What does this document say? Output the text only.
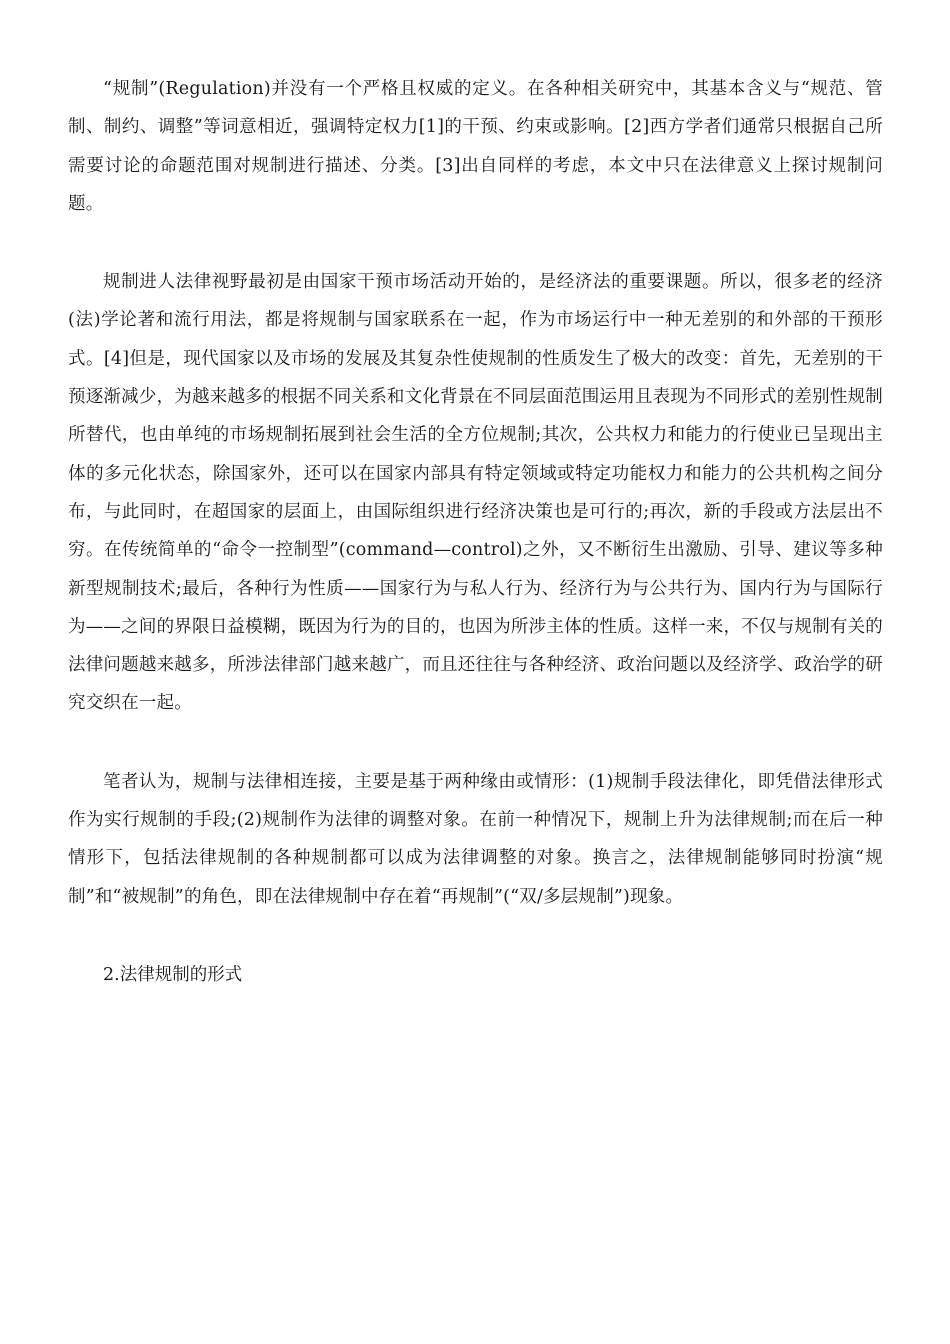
“规制”(Regulation)并没有一个严格且权威的定义。在各种相关研究中，其基本含义与“规范、管制、制约、调整”等词意相近，强调特定权力[1]的干预、约束或影响。[2]西方学者们通常只根据自己所需要讨论的命题范围对规制进行描述、分类。[3]出自同样的考虑，本文中只在法律意义上探讨规制问题。

规制进人法律视野最初是由国家干预市场活动开始的，是经济法的重要课题。所以，很多老的经济(法)学论著和流行用法，都是将规制与国家联系在一起，作为市场运行中一种无差别的和外部的干预形式。[4]但是，现代国家以及市场的发展及其复杂性使规制的性质发生了极大的改变：首先，无差别的干预逐渐减少，为越来越多的根据不同关系和文化背景在不同层面范围运用且表现为不同形式的差别性规制所替代，也由单纯的市场规制拓展到社会生活的全方位规制;其次，公共权力和能力的行使业已呈现出主体的多元化状态，除国家外，还可以在国家内部具有特定领域或特定功能权力和能力的公共机构之间分布，与此同时，在超国家的层面上，由国际组织进行经济决策也是可行的;再次，新的手段或方法层出不穷。在传统简单的“命令一控制型”(command—control)之外，又不断衍生出激励、引导、建议等多种新型规制技术;最后，各种行为性质——国家行为与私人行为、经济行为与公共行为、国内行为与国际行为——之间的界限日益模糊，既因为行为的目的，也因为所涉主体的性质。这样一来，不仅与规制有关的法律问题越来越多，所涉法律部门越来越广，而且还往往与各种经济、政治问题以及经济学、政治学的研究交织在一起。

笔者认为，规制与法律相连接，主要是基于两种缘由或情形：(1)规制手段法律化，即凭借法律形式作为实行规制的手段;(2)规制作为法律的调整对象。在前一种情况下，规制上升为法律规制;而在后一种情形下，包括法律规制的各种规制都可以成为法律调整的对象。换言之，法律规制能够同时扮演“规制”和“被规制”的角色，即在法律规制中存在着“再规制”(“双/多层规制”)现象。

2.法律规制的形式
